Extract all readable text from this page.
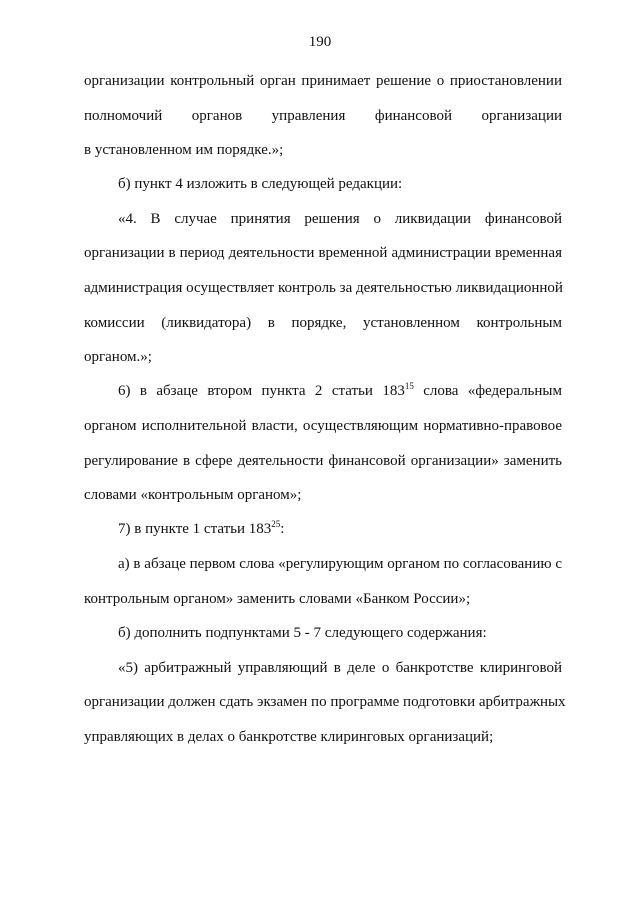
190
организации контрольный орган принимает решение о приостановлении
полномочий органов управления финансовой организации
в установленном им порядке.»;
б) пункт 4 изложить в следующей редакции:
«4. В случае принятия решения о ликвидации финансовой
организации в период деятельности временной администрации временная
администрация осуществляет контроль за деятельностью ликвидационной
комиссии (ликвидатора) в порядке, установленном контрольным
органом.»;
6) в абзаце втором пункта 2 статьи $183^{15}$ слова «федеральным
органом исполнительной власти, осуществляющим нормативно-правовое
регулирование в сфере деятельности финансовой организации» заменить
словами «контрольным органом»;
7) в пункте 1 статьи $183^{25}$:
а) в абзаце первом слова «регулирующим органом по согласованию с
контрольным органом» заменить словами «Банком России»;
б) дополнить подпунктами 5 - 7 следующего содержания:
«5) арбитражный управляющий в деле о банкротстве клиринговой
организации должен сдать экзамен по программе подготовки арбитражных
управляющих в делах о банкротстве клиринговых организаций;
